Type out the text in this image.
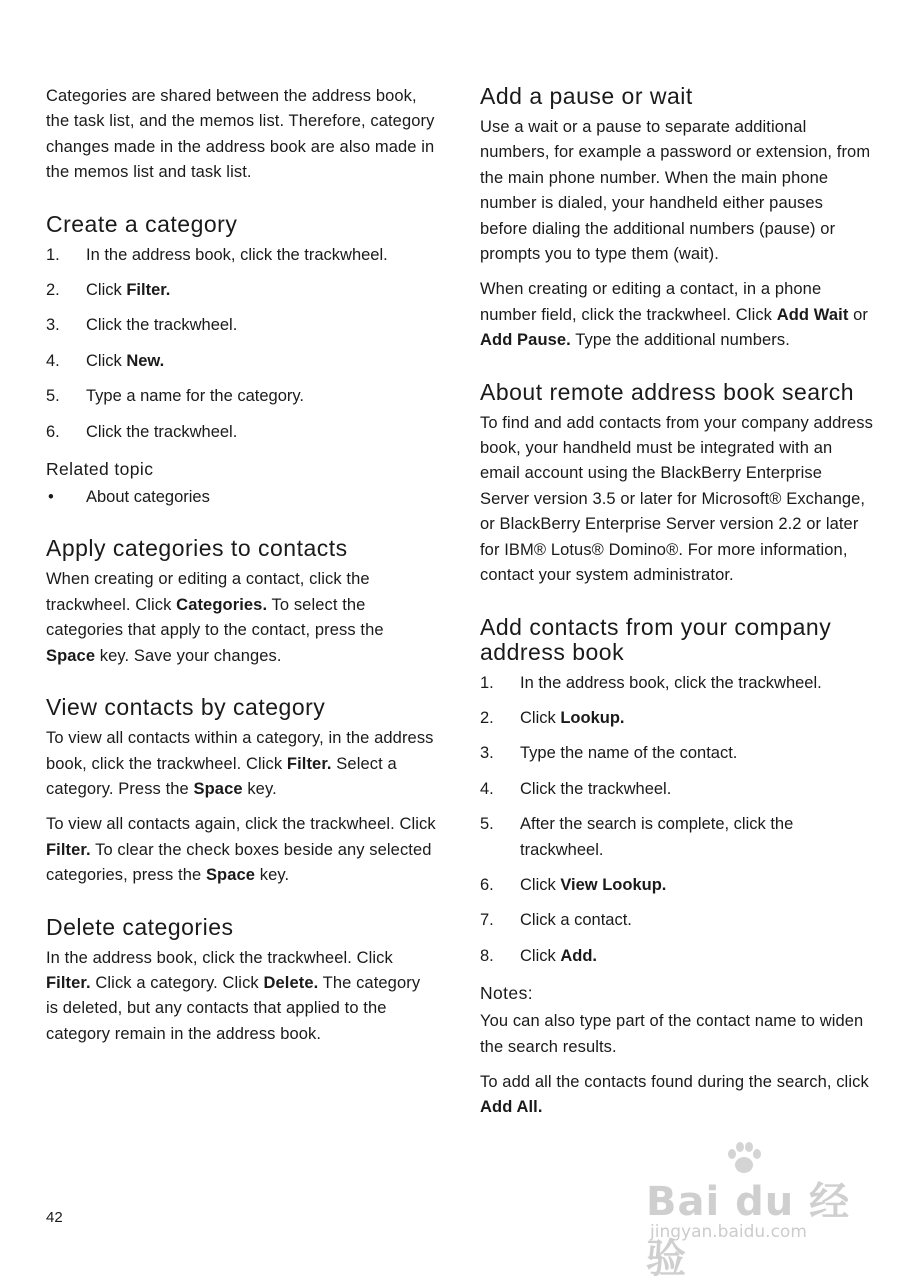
Categories are shared between the address book, the task list, and the memos list. Therefore, category changes made in the address book are also made in the memos list and task list.

Create a category
1.	In the address book, click the trackwheel.
2.	Click Filter.
3.	Click the trackwheel.
4.	Click New.
5.	Type a name for the category.
6.	Click the trackwheel.
Related topic
• About categories
Apply categories to contacts

When creating or editing a contact, click the trackwheel. Click Categories. To select the categories that apply to the contact, press the Space key. Save your changes.

View contacts by category

To view all contacts within a category, in the address book, click the trackwheel. Click Filter. Select a category. Press the Space key.

To view all contacts again, click the trackwheel. Click Filter. To clear the check boxes beside any selected categories, press the Space key.

Delete categories

In the address book, click the trackwheel. Click Filter. Click a category. Click Delete. The category is deleted, but any contacts that applied to the category remain in the address book.

Add a pause or wait

Use a wait or a pause to separate additional numbers, for example a password or extension, from the main phone number. When the main phone number is dialed, your handheld either pauses before dialing the additional numbers (pause) or prompts you to type them (wait).

When creating or editing a contact, in a phone number field, click the trackwheel. Click Add Wait or Add Pause. Type the additional numbers.

About remote address book search

To find and add contacts from your company address book, your handheld must be integrated with an email account using the BlackBerry Enterprise Server version 3.5 or later for Microsoft® Exchange, or BlackBerry Enterprise Server version 2.2 or later for IBM® Lotus® Domino®. For more information, contact your system administrator.

Add contacts from your company address book
1.	In the address book, click the trackwheel.
2.	Click Lookup.
3.	Type the name of the contact.
4.	Click the trackwheel.
5.	After the search is complete, click the trackwheel.
6.	Click View Lookup.
7.	Click a contact.
8.	Click Add.
Notes:

You can also type part of the contact name to widen the search results.

To add all the contacts found during the search, click Add All.

42	Bai du 经验
jingyan.baidu.com
